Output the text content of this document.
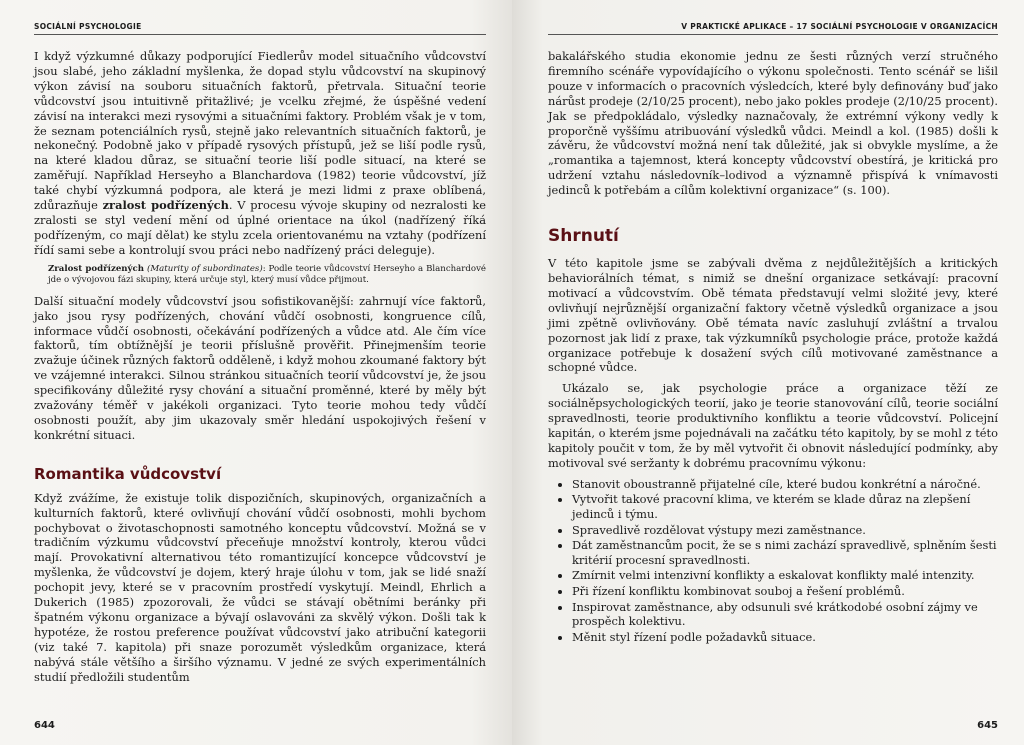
SOCIÁLNÍ PSYCHOLOGIE

I když výzkumné důkazy podporující Fiedlerův model situačního vůdcovství jsou slabé, jeho základní myšlenka, že dopad stylu vůdcovství na skupinový výkon závisí na souboru situačních faktorů, přetrvala. Situační teorie vůdcovství jsou intuitivně přitažlivé; je vcelku zřejmé, že úspěšné vedení závisí na interakci mezi rysovými a situačními faktory. Problém však je v tom, že seznam potenciálních rysů, stejně jako relevantních situačních faktorů, je nekonečný. Podobně jako v případě rysových přístupů, jež se liší podle rysů, na které kladou důraz, se situační teorie liší podle situací, na které se zaměřují. Například Herseyho a Blanchardova (1982) teorie vůdcovství, jíž také chybí výzkumná podpora, ale která je mezi lidmi z praxe oblíbená, zdůrazňuje zralost podřízených. V procesu vývoje skupiny od nezralosti ke zralosti se styl vedení mění od úplné orientace na úkol (nadřízený říká podřízeným, co mají dělat) ke stylu zcela orientovanému na vztahy (podřízení řídí sami sebe a kontrolují svou práci nebo nadřízený práci deleguje).

Zralost podřízených (Maturity of subordinates): Podle teorie vůdcovství Herseyho a Blanchardové jde o vývojovou fázi skupiny, která určuje styl, který musí vůdce přijmout.

Další situační modely vůdcovství jsou sofistikovanější: zahrnují více faktorů, jako jsou rysy podřízených, chování vůdčí osobnosti, kongruence cílů, informace vůdčí osobnosti, očekávání podřízených a vůdce atd. Ale čím více faktorů, tím obtížnější je teorii příslušně prověřit. Přinejmenším teorie zvažuje účinek různých faktorů odděleně, i když mohou zkoumané faktory být ve vzájemné interakci. Silnou stránkou situačních teorií vůdcovství je, že jsou specifikovány důležité rysy chování a situační proměnné, které by měly být zvažovány téměř v jakékoli organizaci. Tyto teorie mohou tedy vůdčí osobnosti použít, aby jim ukazovaly směr hledání uspokojivých řešení v konkrétní situaci.

Romantika vůdcovství

Když zvážíme, že existuje tolik dispozičních, skupinových, organizačních a kulturních faktorů, které ovlivňují chování vůdčí osobnosti, mohli bychom pochybovat o životaschopnosti samotného konceptu vůdcovství. Možná se v tradičním výzkumu vůdcovství přeceňuje množství kontroly, kterou vůdci mají. Provokativní alternativou této romantizující koncepce vůdcovství je myšlenka, že vůdcovství je dojem, který hraje úlohu v tom, jak se lidé snaží pochopit jevy, které se v pracovním prostředí vyskytují. Meindl, Ehrlich a Dukerich (1985) zpozorovali, že vůdci se stávají obětními beránky při špatném výkonu organizace a bývají oslavováni za skvělý výkon. Došli tak k hypotéze, že rostou preference používat vůdcovství jako atribuční kategorii (viz také 7. kapitola) při snaze porozumět výsledkům organizace, která nabývá stále většího a širšího významu. V jedné ze svých experimentálních studií předložili studentům

644
V PRAKTICKÉ APLIKACE – 17 SOCIÁLNÍ PSYCHOLOGIE V ORGANIZACÍCH

bakalářského studia ekonomie jednu ze šesti různých verzí stručného firemního scénáře vypovídajícího o výkonu společnosti. Tento scénář se lišil pouze v informacích o pracovních výsledcích, které byly definovány buď jako nárůst prodeje (2/10/25 procent), nebo jako pokles prodeje (2/10/25 procent). Jak se předpokládalo, výsledky naznačovaly, že extrémní výkony vedly k proporčně vyššímu atribuování výsledků vůdci. Meindl a kol. (1985) došli k závěru, že vůdcovství možná není tak důležité, jak si obvykle myslíme, a že „romantika a tajemnost, která koncepty vůdcovství obestírá, je kritická pro udržení vztahu následovník–lodivod a významně přispívá k vnímavosti jedinců k potřebám a cílům kolektivní organizace“ (s. 100).

Shrnutí

V této kapitole jsme se zabývali dvěma z nejdůležitějších a kritických behaviorálních témat, s nimiž se dnešní organizace setkávají: pracovní motivací a vůdcovstvím. Obě témata představují velmi složité jevy, které ovlivňují nejrůznější organizační faktory včetně výsledků organizace a jsou jimi zpětně ovlivňovány. Obě témata navíc zasluhují zvláštní a trvalou pozornost jak lidí z praxe, tak výzkumníků psychologie práce, protože každá organizace potřebuje k dosažení svých cílů motivované zaměstnance a schopné vůdce.

Ukázalo se, jak psychologie práce a organizace těží ze sociálněpsychologických teorií, jako je teorie stanovování cílů, teorie sociální spravedlnosti, teorie produktivního konfliktu a teorie vůdcovství. Policejní kapitán, o kterém jsme pojednávali na začátku této kapitoly, by se mohl z této kapitoly poučit v tom, že by měl vytvořit či obnovit následující podmínky, aby motivoval své seržanty k dobrému pracovnímu výkonu:

• Stanovit oboustranně přijatelné cíle, které budou konkrétní a náročné.
• Vytvořit takové pracovní klima, ve kterém se klade důraz na zlepšení jedinců i týmu.
• Spravedlivě rozdělovat výstupy mezi zaměstnance.
• Dát zaměstnancům pocit, že se s nimi zachází spravedlivě, splněním šesti kritérií procesní spravedlnosti.
• Zmírnit velmi intenzivní konflikty a eskalovat konflikty malé intenzity.
• Při řízení konfliktu kombinovat souboj a řešení problémů.
• Inspirovat zaměstnance, aby odsunuli své krátkodobé osobní zájmy ve prospěch kolektivu.
• Měnit styl řízení podle požadavků situace.
645
